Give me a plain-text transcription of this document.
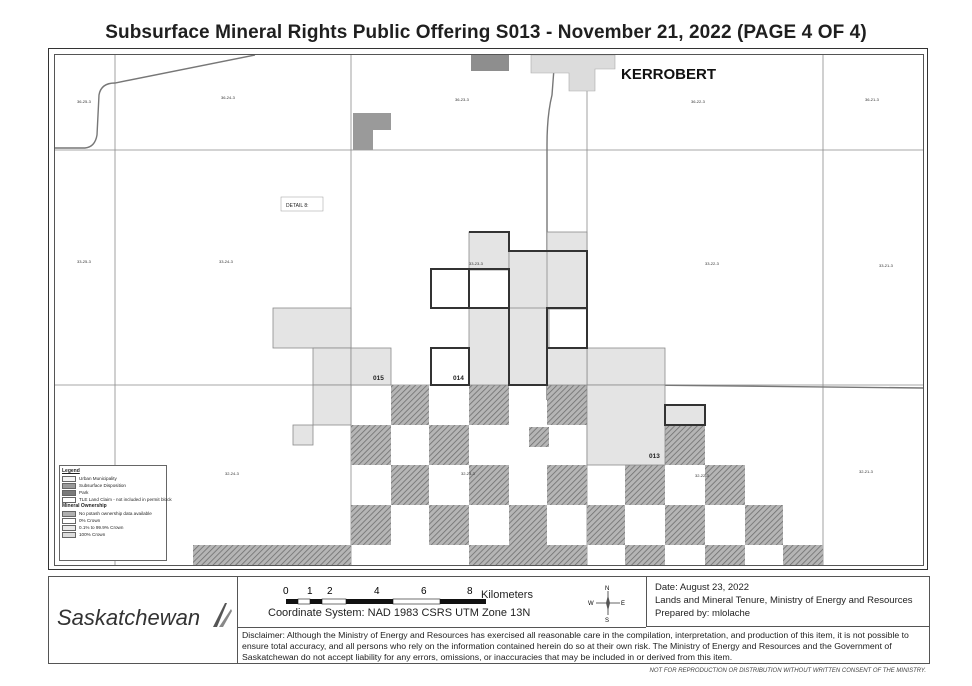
Subsurface Mineral Rights Public Offering S013 - November 21, 2022 (PAGE 4 OF 4)
36-25-3
36-24-3	36-23-3	36-22-3	36-21-3
33-25-3	33-24-3	33-23-3	33-22-3	33-21-3
32-24-3	32-23-3	32-22-3
32-21-3
KERROBERT
DETAIL 8:
015	014
013
Legend
Urban Municipality
Subsurface Disposition
Park
TLE Land Claim - not included in permit block
Mineral Ownership
No potash ownership data available
0% Crown
0.1% to 99.9% Crown
100% Crown
Saskatchewan
0 1 2	4	6	8 Kilometers
Coordinate System: NAD 1983 CSRS UTM Zone 13N
N
S
E
W
Date: August 23, 2022
Lands and Mineral Tenure, Ministry of Energy and Resources
Prepared by: mlolache
Disclaimer: Although the Ministry of Energy and Resources has exercised all reasonable care in the compilation, interpretation, and production of this item, it is not possible to ensure total accuracy, and all persons who rely on the information contained herein do so at their own risk. The Ministry of Energy and Resources and the Government of Saskatchewan do not accept liability for any errors, omissions, or inaccuracies that may be included in or derived from this item.
NOT FOR REPRODUCTION OR DISTRIBUTION WITHOUT WRITTEN CONSENT OF THE MINISTRY.
